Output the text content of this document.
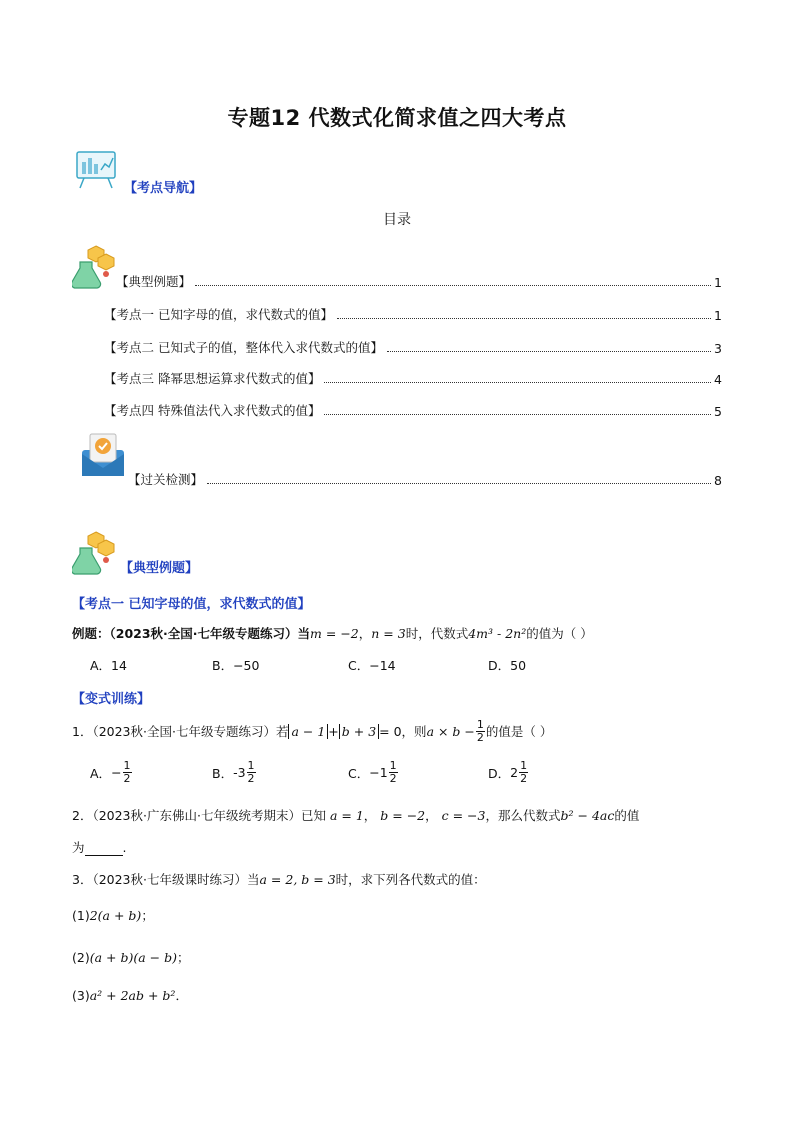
专题12 代数式化简求值之四大考点
【考点导航】
目录
【典型例题】	1
【考点一 已知字母的值，求代数式的值】	1
【考点二 已知式子的值，整体代入求代数式的值】	3
【考点三 降幂思想运算求代数式的值】	4
【考点四 特殊值法代入求代数式的值】	5
【过关检测】	8
【典型例题】
【考点一 已知字母的值，求代数式的值】
例题：（2023秋·全国·七年级专题练习）当m = −2，n = 3时，代数式4m³ - 2n²的值为（ ）
A．14	B．−50	C．−14	D．50
【变式训练】
1．（2023秋·全国·七年级专题练习）若 a − 1 + b + 3 = 0，则 $a \times b - \frac{1}{2}$ 的值是（ ）
A． − $\frac{1}{2}$	B． - $3 \frac{1}{2}$	C． − $1 \frac{1}{2}$	D． $2 \frac{1}{2}$
2．（2023秋·广东佛山·七年级统考期末）已知 a = 1， b = −2， c = −3，那么代数式b² − 4ac的值
为	.
3．（2023秋·七年级课时练习）当a = 2, b = 3时，求下列各代数式的值：
(1)2(a + b)；
(2)(a + b)(a − b)；
(3)a² + 2ab + b²．
